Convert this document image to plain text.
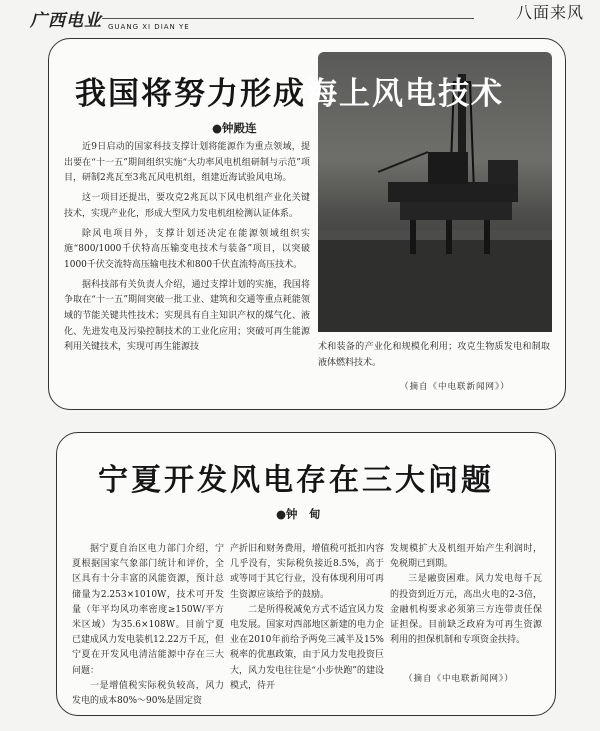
广西电业 GUANG XI DIAN YE
八面来风
我国将努力形成海上风电技术
●钟殿连

近9日启动的国家科技支撑计划将能源作为重点领域，提出要在“十一五”期间组织实施“大功率风电机组研制与示范”项目，研制2兆瓦至3兆瓦风电机组，组建近海试验风电场。

这一项目还提出，要攻克2兆瓦以下风电机组产业化关键技术，实现产业化，形成大型风力发电机组检测认证体系。

除风电项目外，支撑计划还决定在能源领域组织实施“800/1000千伏特高压输变电技术与装备”项目，以突破1000千伏交流特高压输电技术和800千伏直流特高压技术。

据科技部有关负责人介绍，通过支撑计划的实施，我国将争取在“十一五”期间突破一批工业、建筑和交通等重点耗能领域的节能关键共性技术；实现具有自主知识产权的煤气化、液化、先进发电及污染控制技术的工业化应用；突破可再生能源利用关键技术，实现可再生能源技	术和装备的产业化和规模化利用；攻克生物质发电和制取液体燃料技术。
（摘自《中电联新闻网》）
宁夏开发风电存在三大问题
●钟　甸

据宁夏自治区电力部门介绍，宁夏根据国家气象部门统计和评价，全区具有十分丰富的风能资源，预计总储量为2.253×1010W，技术可开发量（年平均风功率密度≥150W/平方米区域）为35.6×108W。目前宁夏已建成风力发电装机12.22万千瓦，但宁夏在开发风电清洁能源中存在三大问题：

一是增值税实际税负较高，风力发电的成本80%～90%是固定资

产折旧和财务费用，增值税可抵扣内容几乎没有，实际税负接近8.5%，高于或等同于其它行业，没有体现利用可再生资源应该给予的鼓励。

二是所得税减免方式不适宜风力发电发展。国家对西部地区新建的电力企业在2010年前给予两免三减半及15%税率的优惠政策，由于风力发电投资巨大，风力发电往往是“小步快跑”的建设模式，待开

发规模扩大及机组开始产生利润时，免税期已到期。

三是融资困难。风力发电每千瓦的投资到近万元，高出火电的2-3倍，金融机构要求必须第三方连带责任保证担保。目前缺乏政府为可再生资源利用的担保机制和专项资金扶持。

（摘自《中电联新闻网》）
